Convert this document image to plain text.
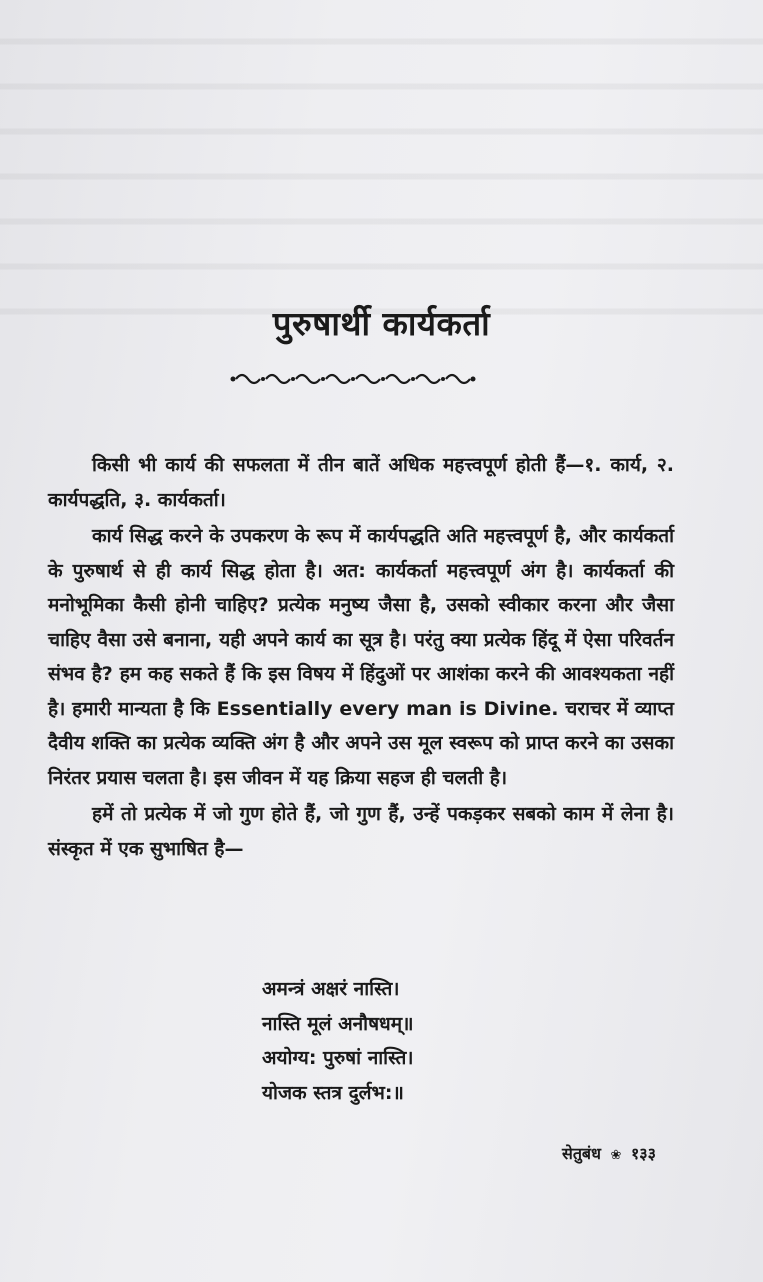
पुरुषार्थी कार्यकर्ता

किसी भी कार्य की सफलता में तीन बातें अधिक महत्त्वपूर्ण होती हैं—१. कार्य, २. कार्यपद्धति, ३. कार्यकर्ता।

कार्य सिद्ध करने के उपकरण के रूप में कार्यपद्धति अति महत्त्वपूर्ण है, और कार्यकर्ता के पुरुषार्थ से ही कार्य सिद्ध होता है। अत: कार्यकर्ता महत्त्वपूर्ण अंग है। कार्यकर्ता की मनोभूमिका कैसी होनी चाहिए? प्रत्येक मनुष्य जैसा है, उसको स्वीकार करना और जैसा चाहिए वैसा उसे बनाना, यही अपने कार्य का सूत्र है। परंतु क्या प्रत्येक हिंदू में ऐसा परिवर्तन संभव है? हम कह सकते हैं कि इस विषय में हिंदुओं पर आशंका करने की आवश्यकता नहीं है। हमारी मान्यता है कि Essentially every man is Divine. चराचर में व्याप्त दैवीय शक्ति का प्रत्येक व्यक्ति अंग है और अपने उस मूल स्वरूप को प्राप्त करने का उसका निरंतर प्रयास चलता है। इस जीवन में यह क्रिया सहज ही चलती है।

हमें तो प्रत्येक में जो गुण होते हैं, जो गुण हैं, उन्हें पकड़कर सबको काम में लेना है। संस्कृत में एक सुभाषित है—

अमन्त्रं अक्षरं नास्ति।
नास्ति मूलं अनौषधम्॥
अयोग्य: पुरुषां नास्ति।
योजक स्तत्र दुर्लभ:॥
सेतुबंध ❀ १३३
